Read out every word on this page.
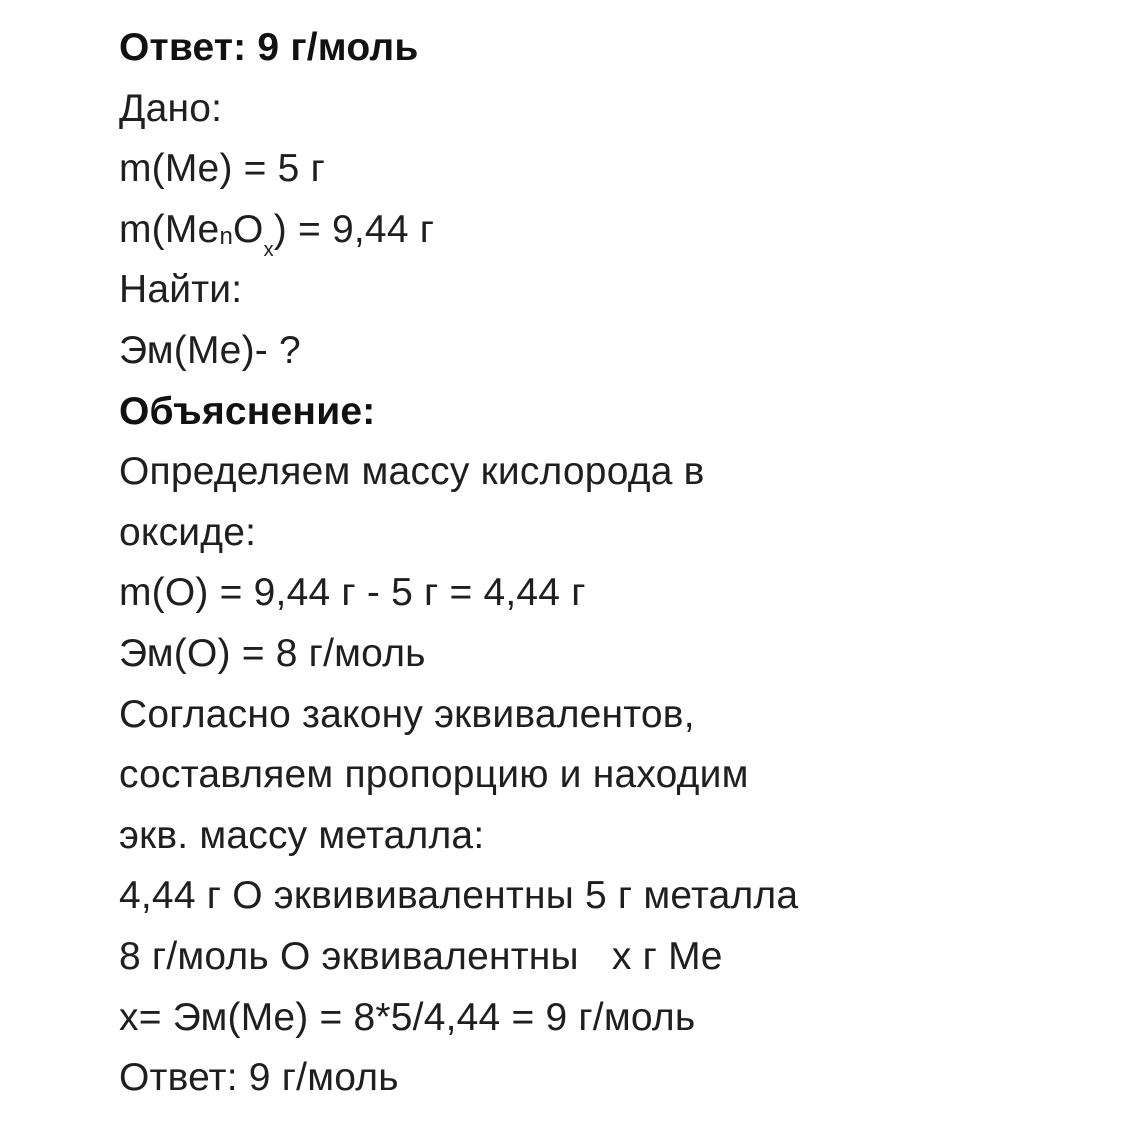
Ответ: 9 г/моль
Дано:
m(Me) = 5 г
$m(Me_nO_x) = 9,44$ г
Найти:
Эм(Me)- ?
Объяснение:
Определяем массу кислорода в
оксиде:
m(O) = 9,44 г - 5 г = 4,44 г
Эм(O) = 8 г/моль
Согласно закону эквивалентов,
составляем пропорцию и находим
экв. массу металла:
4,44 г O эквививалентны 5 г металла
8 г/моль O эквивалентны   x г Me
x= Эм(Me) = 8*5/4,44 = 9 г/моль
Ответ: 9 г/моль
